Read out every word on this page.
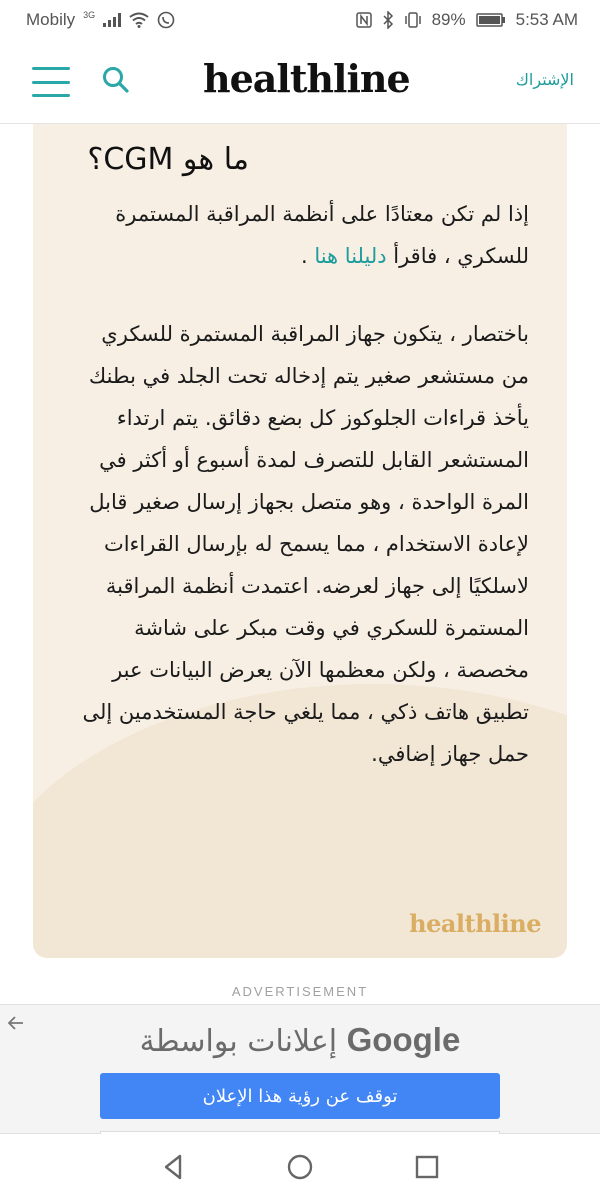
Mobily 3G	89%	5:53 AM
healthline	الإشتراك
ما هو CGM؟

إذا لم تكن معتادًا على أنظمة المراقبة المستمرة للسكري ، فاقرأ دليلنا هنا .

باختصار ، يتكون جهاز المراقبة المستمرة للسكري من مستشعر صغير يتم إدخاله تحت الجلد في بطنك يأخذ قراءات الجلوكوز كل بضع دقائق. يتم ارتداء المستشعر القابل للتصرف لمدة أسبوع أو أكثر في المرة الواحدة ، وهو متصل بجهاز إرسال صغير قابل لإعادة الاستخدام ، مما يسمح له بإرسال القراءات لاسلكيًا إلى جهاز لعرضه. اعتمدت أنظمة المراقبة المستمرة للسكري في وقت مبكر على شاشة مخصصة ، ولكن معظمها الآن يعرض البيانات عبر تطبيق هاتف ذكي ، مما يلغي حاجة المستخدمين إلى حمل جهاز إضافي.

healthline
ADVERTISEMENT
Google إعلانات بواسطة
توقف عن رؤية هذا الإعلان
